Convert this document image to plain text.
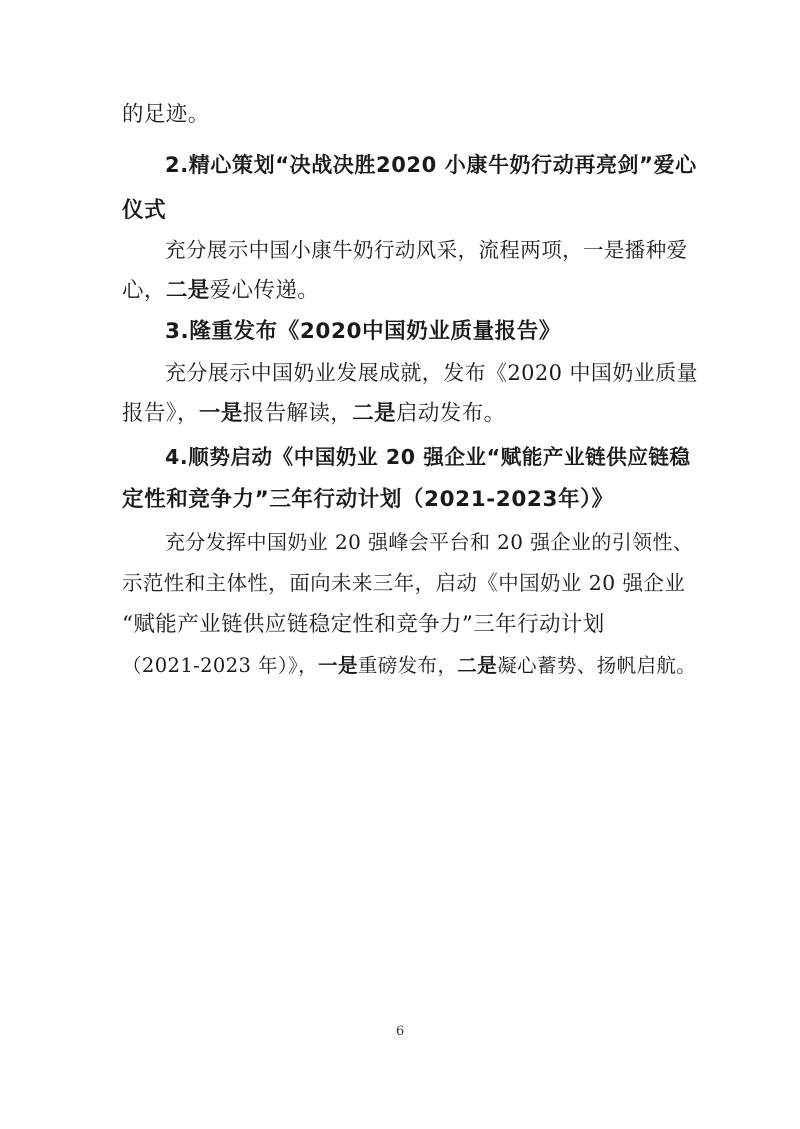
的足迹。
2.精心策划“决战决胜2020 小康牛奶行动再亮剑”爱心
仪式
充分展示中国小康牛奶行动风采，流程两项，一是播种爱
心，二是爱心传递。
3.隆重发布《2020中国奶业质量报告》
充分展示中国奶业发展成就，发布《2020 中国奶业质量
报告》，一是报告解读，二是启动发布。
4.顺势启动《中国奶业 20 强企业“赋能产业链供应链稳
定性和竞争力”三年行动计划（2021-2023年）》
充分发挥中国奶业 20 强峰会平台和 20 强企业的引领性、
示范性和主体性，面向未来三年，启动《中国奶业 20 强企业
“赋能产业链供应链稳定性和竞争力”三年行动计划
（2021-2023 年）》，一是重磅发布，二是凝心蓄势、扬帆启航。
6
